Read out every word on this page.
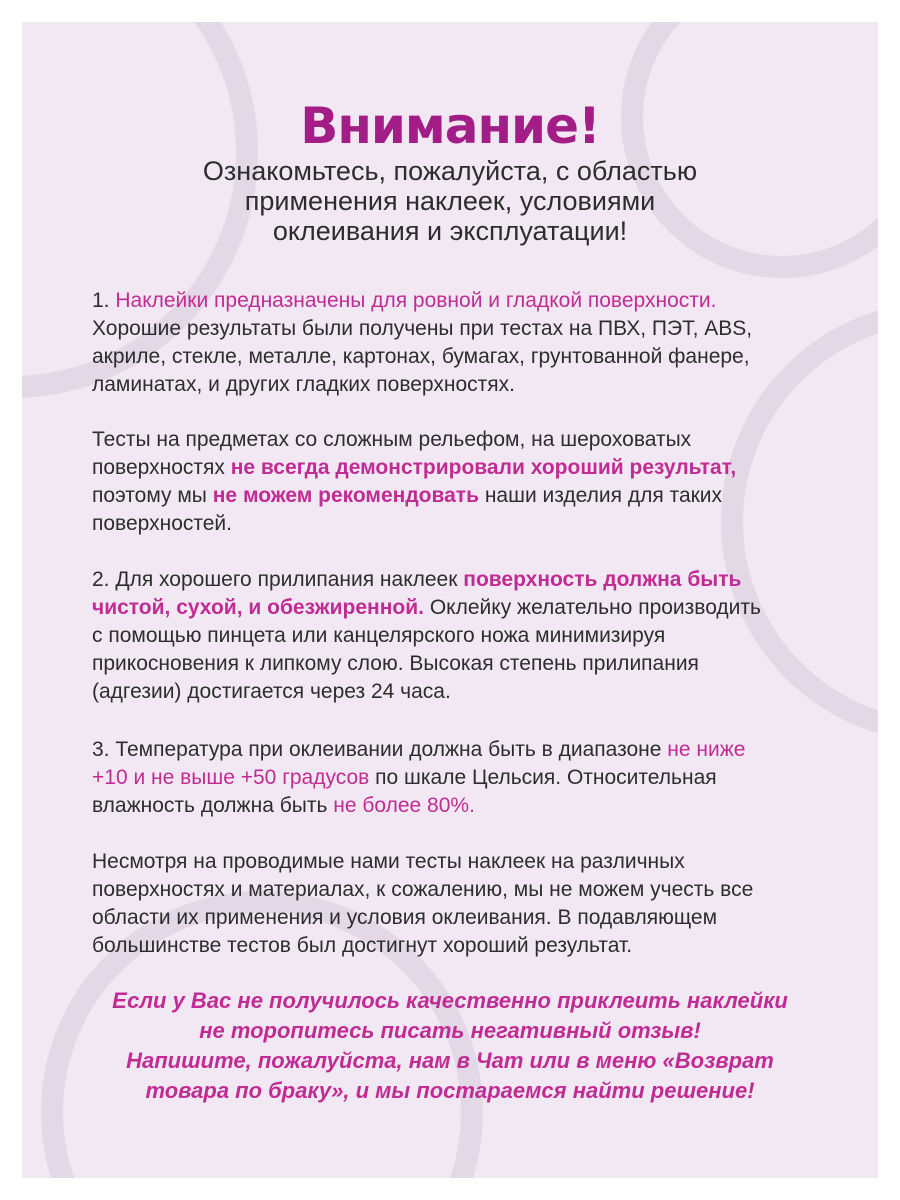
Внимание!
Ознакомьтесь, пожалуйста, с областью
применения наклеек, условиями
оклеивания и эксплуатации!
1. Наклейки предназначены для ровной и гладкой поверхности.
Хорошие результаты были получены при тестах на ПВХ, ПЭТ, ABS,
акриле, стекле, металле, картонах, бумагах, грунтованной фанере,
ламинатах, и других гладких поверхностях.
Тесты на предметах со сложным рельефом, на шероховатых
поверхностях не всегда демонстрировали хороший результат,
поэтому мы не можем рекомендовать наши изделия для таких
поверхностей.
2. Для хорошего прилипания наклеек поверхность должна быть
чистой, сухой, и обезжиренной. Оклейку желательно производить
с помощью пинцета или канцелярского ножа минимизируя
прикосновения к липкому слою. Высокая степень прилипания
(адгезии) достигается через 24 часа.
3. Температура при оклеивании должна быть в диапазоне не ниже
+10 и не выше +50 градусов по шкале Цельсия. Относительная
влажность должна быть не более 80%.
Несмотря на проводимые нами тесты наклеек на различных
поверхностях и материалах, к сожалению, мы не можем учесть все
области их применения и условия оклеивания. В подавляющем
большинстве тестов был достигнут хороший результат.
Если у Вас не получилось качественно приклеить наклейки
не торопитесь писать негативный отзыв!
Напишите, пожалуйста, нам в Чат или в меню «Возврат
товара по браку», и мы постараемся найти решение!
